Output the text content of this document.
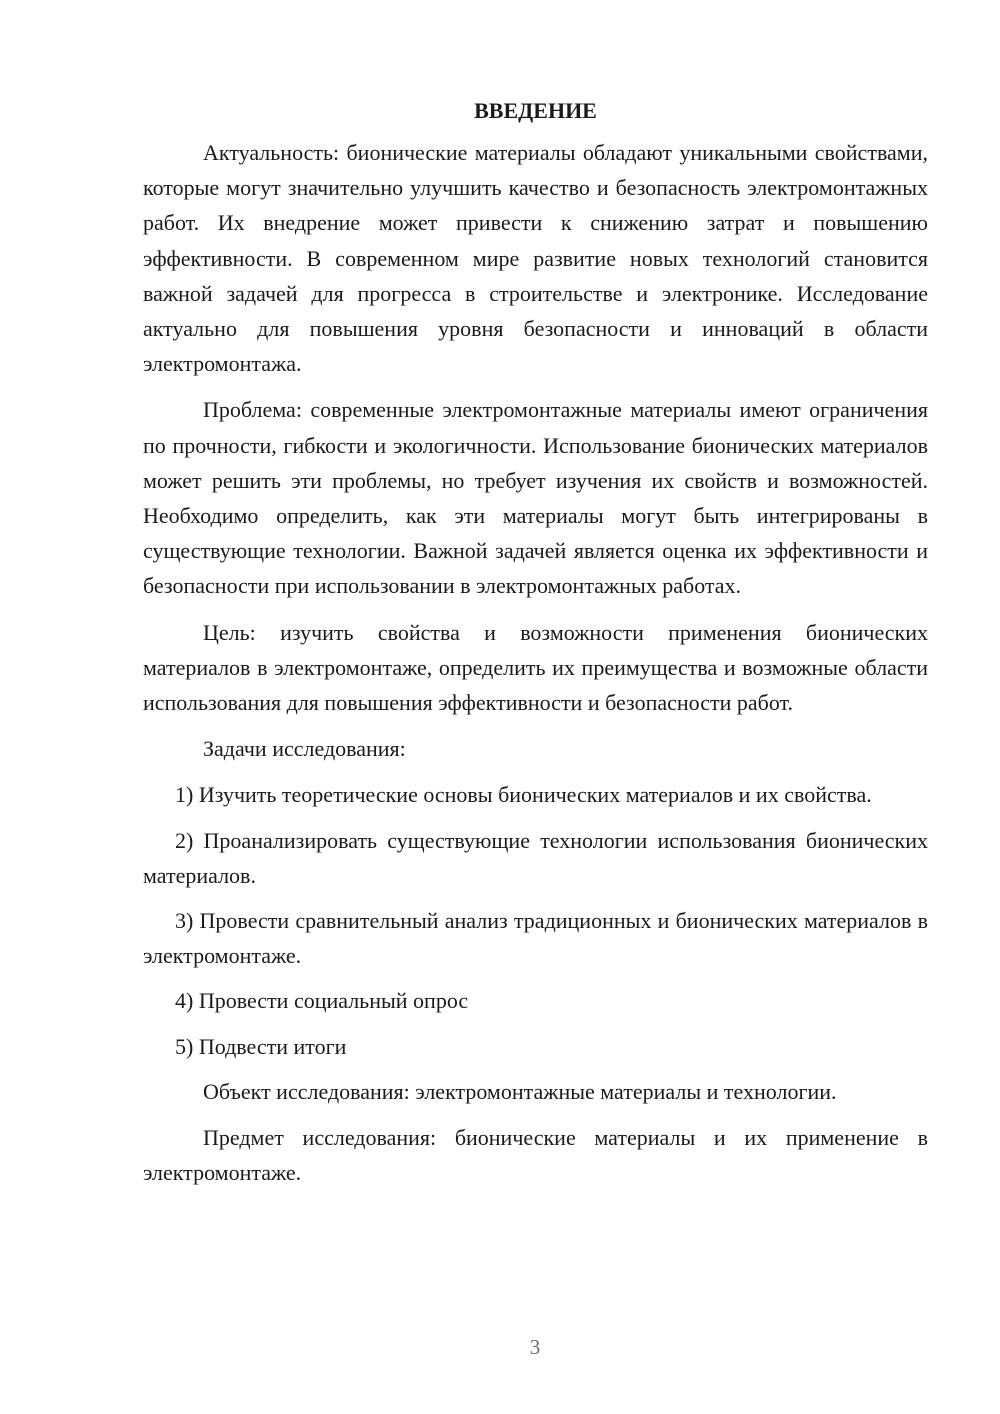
ВВЕДЕНИЕ

Актуальность: бионические материалы обладают уникальными свойствами, которые могут значительно улучшить качество и безопасность электромонтажных работ. Их внедрение может привести к снижению затрат и повышению эффективности. В современном мире развитие новых технологий становится важной задачей для прогресса в строительстве и электронике. Исследование актуально для повышения уровня безопасности и инноваций в области электромонтажа.

Проблема: современные электромонтажные материалы имеют ограничения по прочности, гибкости и экологичности. Использование бионических материалов может решить эти проблемы, но требует изучения их свойств и возможностей. Необходимо определить, как эти материалы могут быть интегрированы в существующие технологии. Важной задачей является оценка их эффективности и безопасности при использовании в электромонтажных работах.

Цель: изучить свойства и возможности применения бионических материалов в электромонтаже, определить их преимущества и возможные области использования для повышения эффективности и безопасности работ.

Задачи исследования:

1) Изучить теоретические основы бионических материалов и их свойства.

2) Проанализировать существующие технологии использования бионических материалов.

3) Провести сравнительный анализ традиционных и бионических материалов в электромонтаже.

4) Провести социальный опрос

5) Подвести итоги

Объект исследования: электромонтажные материалы и технологии.

Предмет исследования: бионические материалы и их применение в электромонтаже.

3
